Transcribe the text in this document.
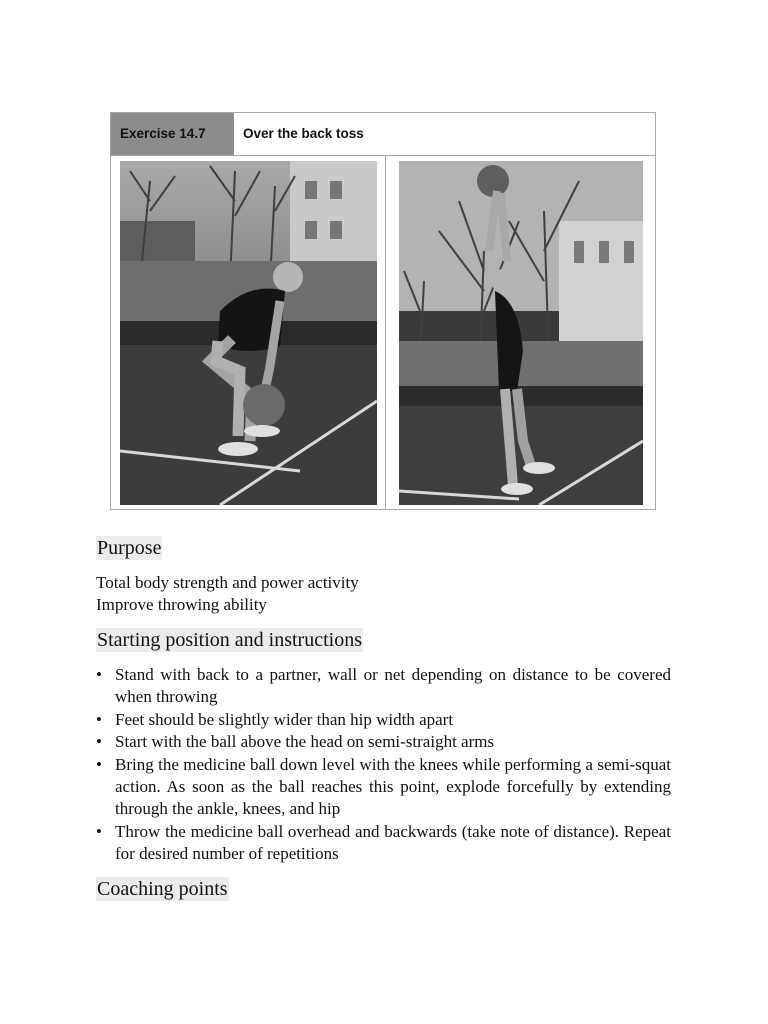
Exercise 14.7	Over the back toss
Purpose
Total body strength and power activity
Improve throwing ability
Starting position and instructions
• Stand with back to a partner, wall or net depending on distance to be covered when throwing
• Feet should be slightly wider than hip width apart
• Start with the ball above the head on semi-straight arms
• Bring the medicine ball down level with the knees while performing a semi-squat action. As soon as the ball reaches this point, explode forcefully by extending through the ankle, knees, and hip
• Throw the medicine ball overhead and backwards (take note of distance). Repeat for desired number of repetitions
Coaching points
